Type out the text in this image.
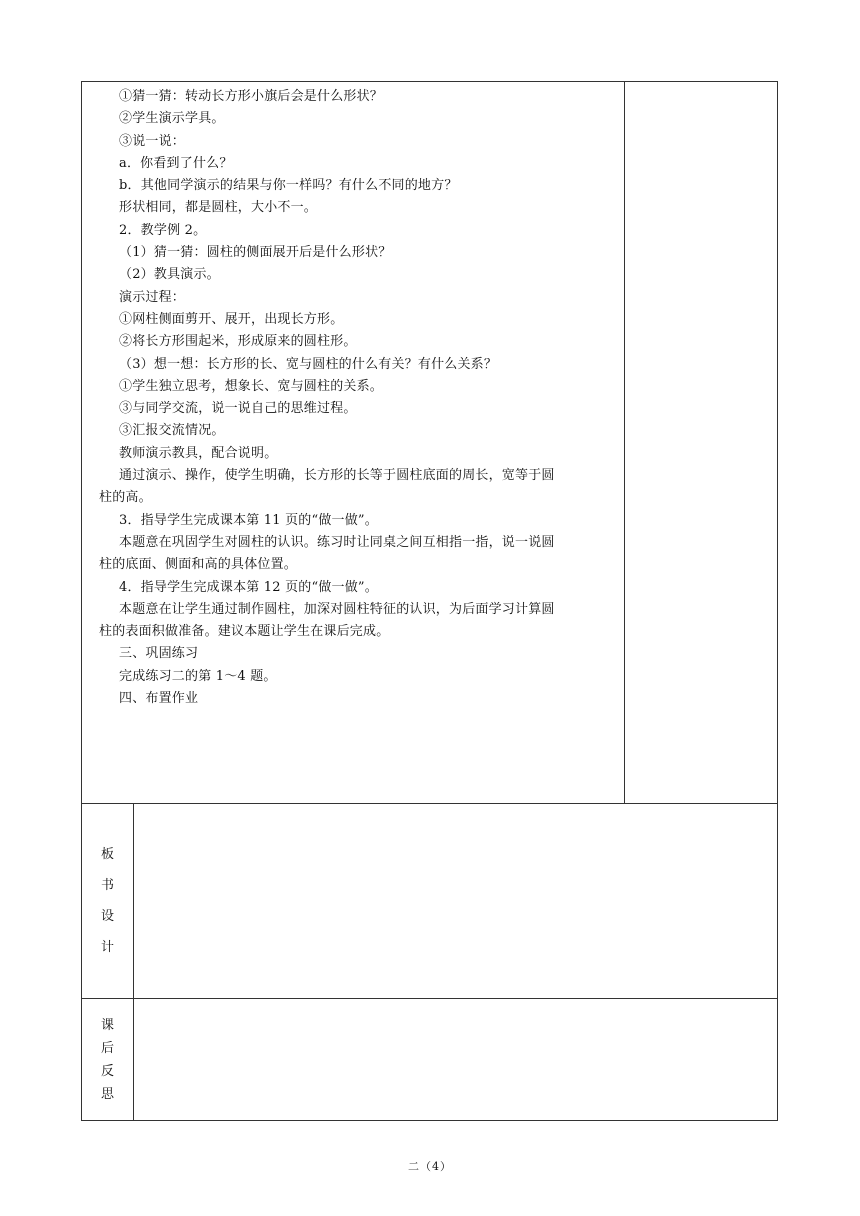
①猜一猜：转动长方形小旗后会是什么形状？
②学生演示学具。
③说一说：
a．你看到了什么？
b．其他同学演示的结果与你一样吗？有什么不同的地方？
形状相同，都是圆柱，大小不一。
2．教学例 2。
（1）猜一猜：圆柱的侧面展开后是什么形状？
（2）教具演示。
演示过程：
①网柱侧面剪开、展开，出现长方形。
②将长方形围起米，形成原来的圆柱形。
（3）想一想：长方形的长、宽与圆柱的什么有关？有什么关系？
①学生独立思考，想象长、宽与圆柱的关系。
③与同学交流，说一说自己的思维过程。
③汇报交流情况。
教师演示教具，配合说明。
通过演示、操作，使学生明确，长方形的长等于圆柱底面的周长，宽等于圆
柱的高。
3．指导学生完成课本第 11 页的“做一做”。
本题意在巩固学生对圆柱的认识。练习时让同桌之间互相指一指，说一说圆
柱的底面、侧面和高的具体位置。
4．指导学生完成课本第 12 页的“做一做”。
本题意在让学生通过制作圆柱，加深对圆柱特征的认识，为后面学习计算圆
柱的表面积做准备。建议本题让学生在课后完成。
三、巩固练习
完成练习二的第 1～4 题。
四、布置作业
板
书
设
计
课
后
反
思
二（4）
